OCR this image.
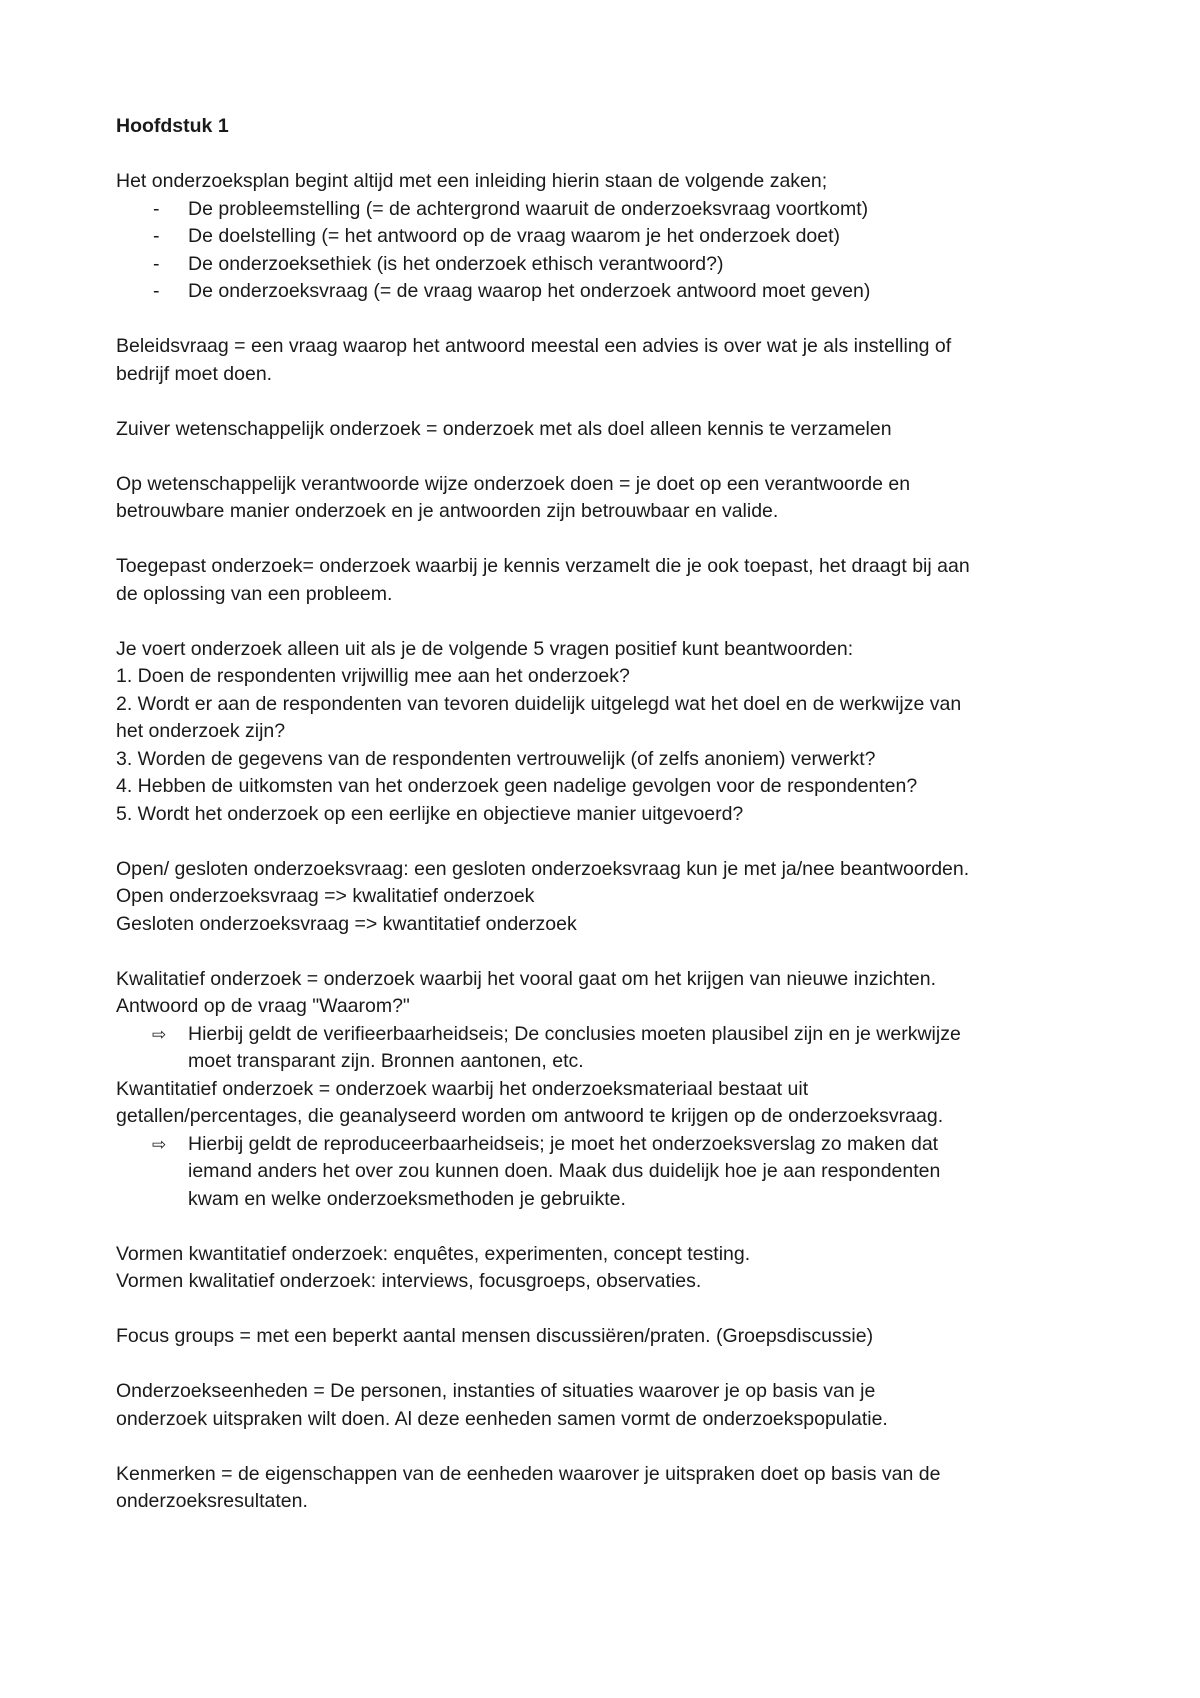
Hoofdstuk 1
Het onderzoeksplan begint altijd met een inleiding hierin staan de volgende zaken;
- De probleemstelling (= de achtergrond waaruit de onderzoeksvraag voortkomt)
- De doelstelling (= het antwoord op de vraag waarom je het onderzoek doet)
- De onderzoeksethiek (is het onderzoek ethisch verantwoord?)
- De onderzoeksvraag (= de vraag waarop het onderzoek antwoord moet geven)
Beleidsvraag = een vraag waarop het antwoord meestal een advies is over wat je als instelling of
bedrijf moet doen.
Zuiver wetenschappelijk onderzoek = onderzoek met als doel alleen kennis te verzamelen
Op wetenschappelijk verantwoorde wijze onderzoek doen = je doet op een verantwoorde en
betrouwbare manier onderzoek en je antwoorden zijn betrouwbaar en valide.
Toegepast onderzoek= onderzoek waarbij je kennis verzamelt die je ook toepast, het draagt bij aan
de oplossing van een probleem.
Je voert onderzoek alleen uit als je de volgende 5 vragen positief kunt beantwoorden:
1. Doen de respondenten vrijwillig mee aan het onderzoek?
2. Wordt er aan de respondenten van tevoren duidelijk uitgelegd wat het doel en de werkwijze van
het onderzoek zijn?
3. Worden de gegevens van de respondenten vertrouwelijk (of zelfs anoniem) verwerkt?
4. Hebben de uitkomsten van het onderzoek geen nadelige gevolgen voor de respondenten?
5. Wordt het onderzoek op een eerlijke en objectieve manier uitgevoerd?
Open/ gesloten onderzoeksvraag: een gesloten onderzoeksvraag kun je met ja/nee beantwoorden.
Open onderzoeksvraag => kwalitatief onderzoek
Gesloten onderzoeksvraag => kwantitatief onderzoek
Kwalitatief onderzoek = onderzoek waarbij het vooral gaat om het krijgen van nieuwe inzichten.
Antwoord op de vraag "Waarom?"
⇨ Hierbij geldt de verifieerbaarheidseis; De conclusies moeten plausibel zijn en je werkwijze
moet transparant zijn. Bronnen aantonen, etc.
Kwantitatief onderzoek = onderzoek waarbij het onderzoeksmateriaal bestaat uit
getallen/percentages, die geanalyseerd worden om antwoord te krijgen op de onderzoeksvraag.
⇨ Hierbij geldt de reproduceerbaarheidseis; je moet het onderzoeksverslag zo maken dat
iemand anders het over zou kunnen doen. Maak dus duidelijk hoe je aan respondenten
kwam en welke onderzoeksmethoden je gebruikte.
Vormen kwantitatief onderzoek: enquêtes, experimenten, concept testing.
Vormen kwalitatief onderzoek: interviews, focusgroeps, observaties.
Focus groups = met een beperkt aantal mensen discussiëren/praten. (Groepsdiscussie)
Onderzoekseenheden = De personen, instanties of situaties waarover je op basis van je
onderzoek uitspraken wilt doen. Al deze eenheden samen vormt de onderzoekspopulatie.
Kenmerken = de eigenschappen van de eenheden waarover je uitspraken doet op basis van de
onderzoeksresultaten.
